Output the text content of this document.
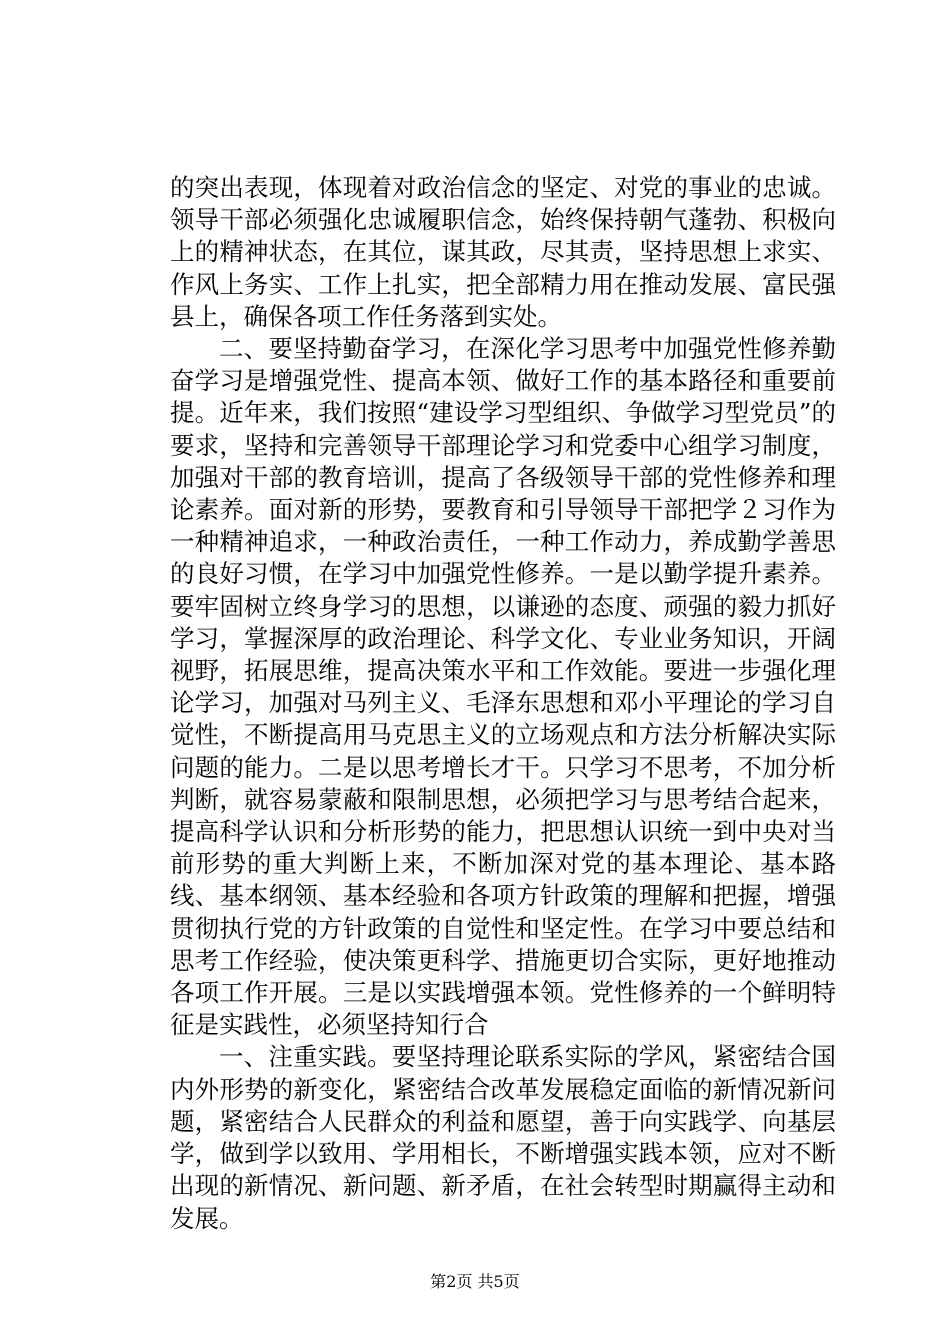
的突出表现，体现着对政治信念的坚定、对党的事业的忠诚。领导干部必须强化忠诚履职信念，始终保持朝气蓬勃、积极向上的精神状态，在其位，谋其政，尽其责，坚持思想上求实、作风上务实、工作上扎实，把全部精力用在推动发展、富民强县上，确保各项工作任务落到实处。

二、要坚持勤奋学习，在深化学习思考中加强党性修养勤奋学习是增强党性、提高本领、做好工作的基本路径和重要前提。近年来，我们按照“建设学习型组织、争做学习型党员”的要求，坚持和完善领导干部理论学习和党委中心组学习制度，加强对干部的教育培训，提高了各级领导干部的党性修养和理论素养。面对新的形势，要教育和引导领导干部把学２习作为一种精神追求，一种政治责任，一种工作动力，养成勤学善思的良好习惯，在学习中加强党性修养。一是以勤学提升素养。要牢固树立终身学习的思想，以谦逊的态度、顽强的毅力抓好学习，掌握深厚的政治理论、科学文化、专业业务知识，开阔视野，拓展思维，提高决策水平和工作效能。要进一步强化理论学习，加强对马列主义、毛泽东思想和邓小平理论的学习自觉性，不断提高用马克思主义的立场观点和方法分析解决实际问题的能力。二是以思考增长才干。只学习不思考，不加分析判断，就容易蒙蔽和限制思想，必须把学习与思考结合起来，提高科学认识和分析形势的能力，把思想认识统一到中央对当前形势的重大判断上来，不断加深对党的基本理论、基本路线、基本纲领、基本经验和各项方针政策的理解和把握，增强贯彻执行党的方针政策的自觉性和坚定性。在学习中要总结和思考工作经验，使决策更科学、措施更切合实际，更好地推动各项工作开展。三是以实践增强本领。党性修养的一个鲜明特征是实践性，必须坚持知行合

一、注重实践。要坚持理论联系实际的学风，紧密结合国内外形势的新变化，紧密结合改革发展稳定面临的新情况新问题，紧密结合人民群众的利益和愿望，善于向实践学、向基层学，做到学以致用、学用相长，不断增强实践本领，应对不断出现的新情况、新问题、新矛盾，在社会转型时期赢得主动和发展。

第2页 共5页
